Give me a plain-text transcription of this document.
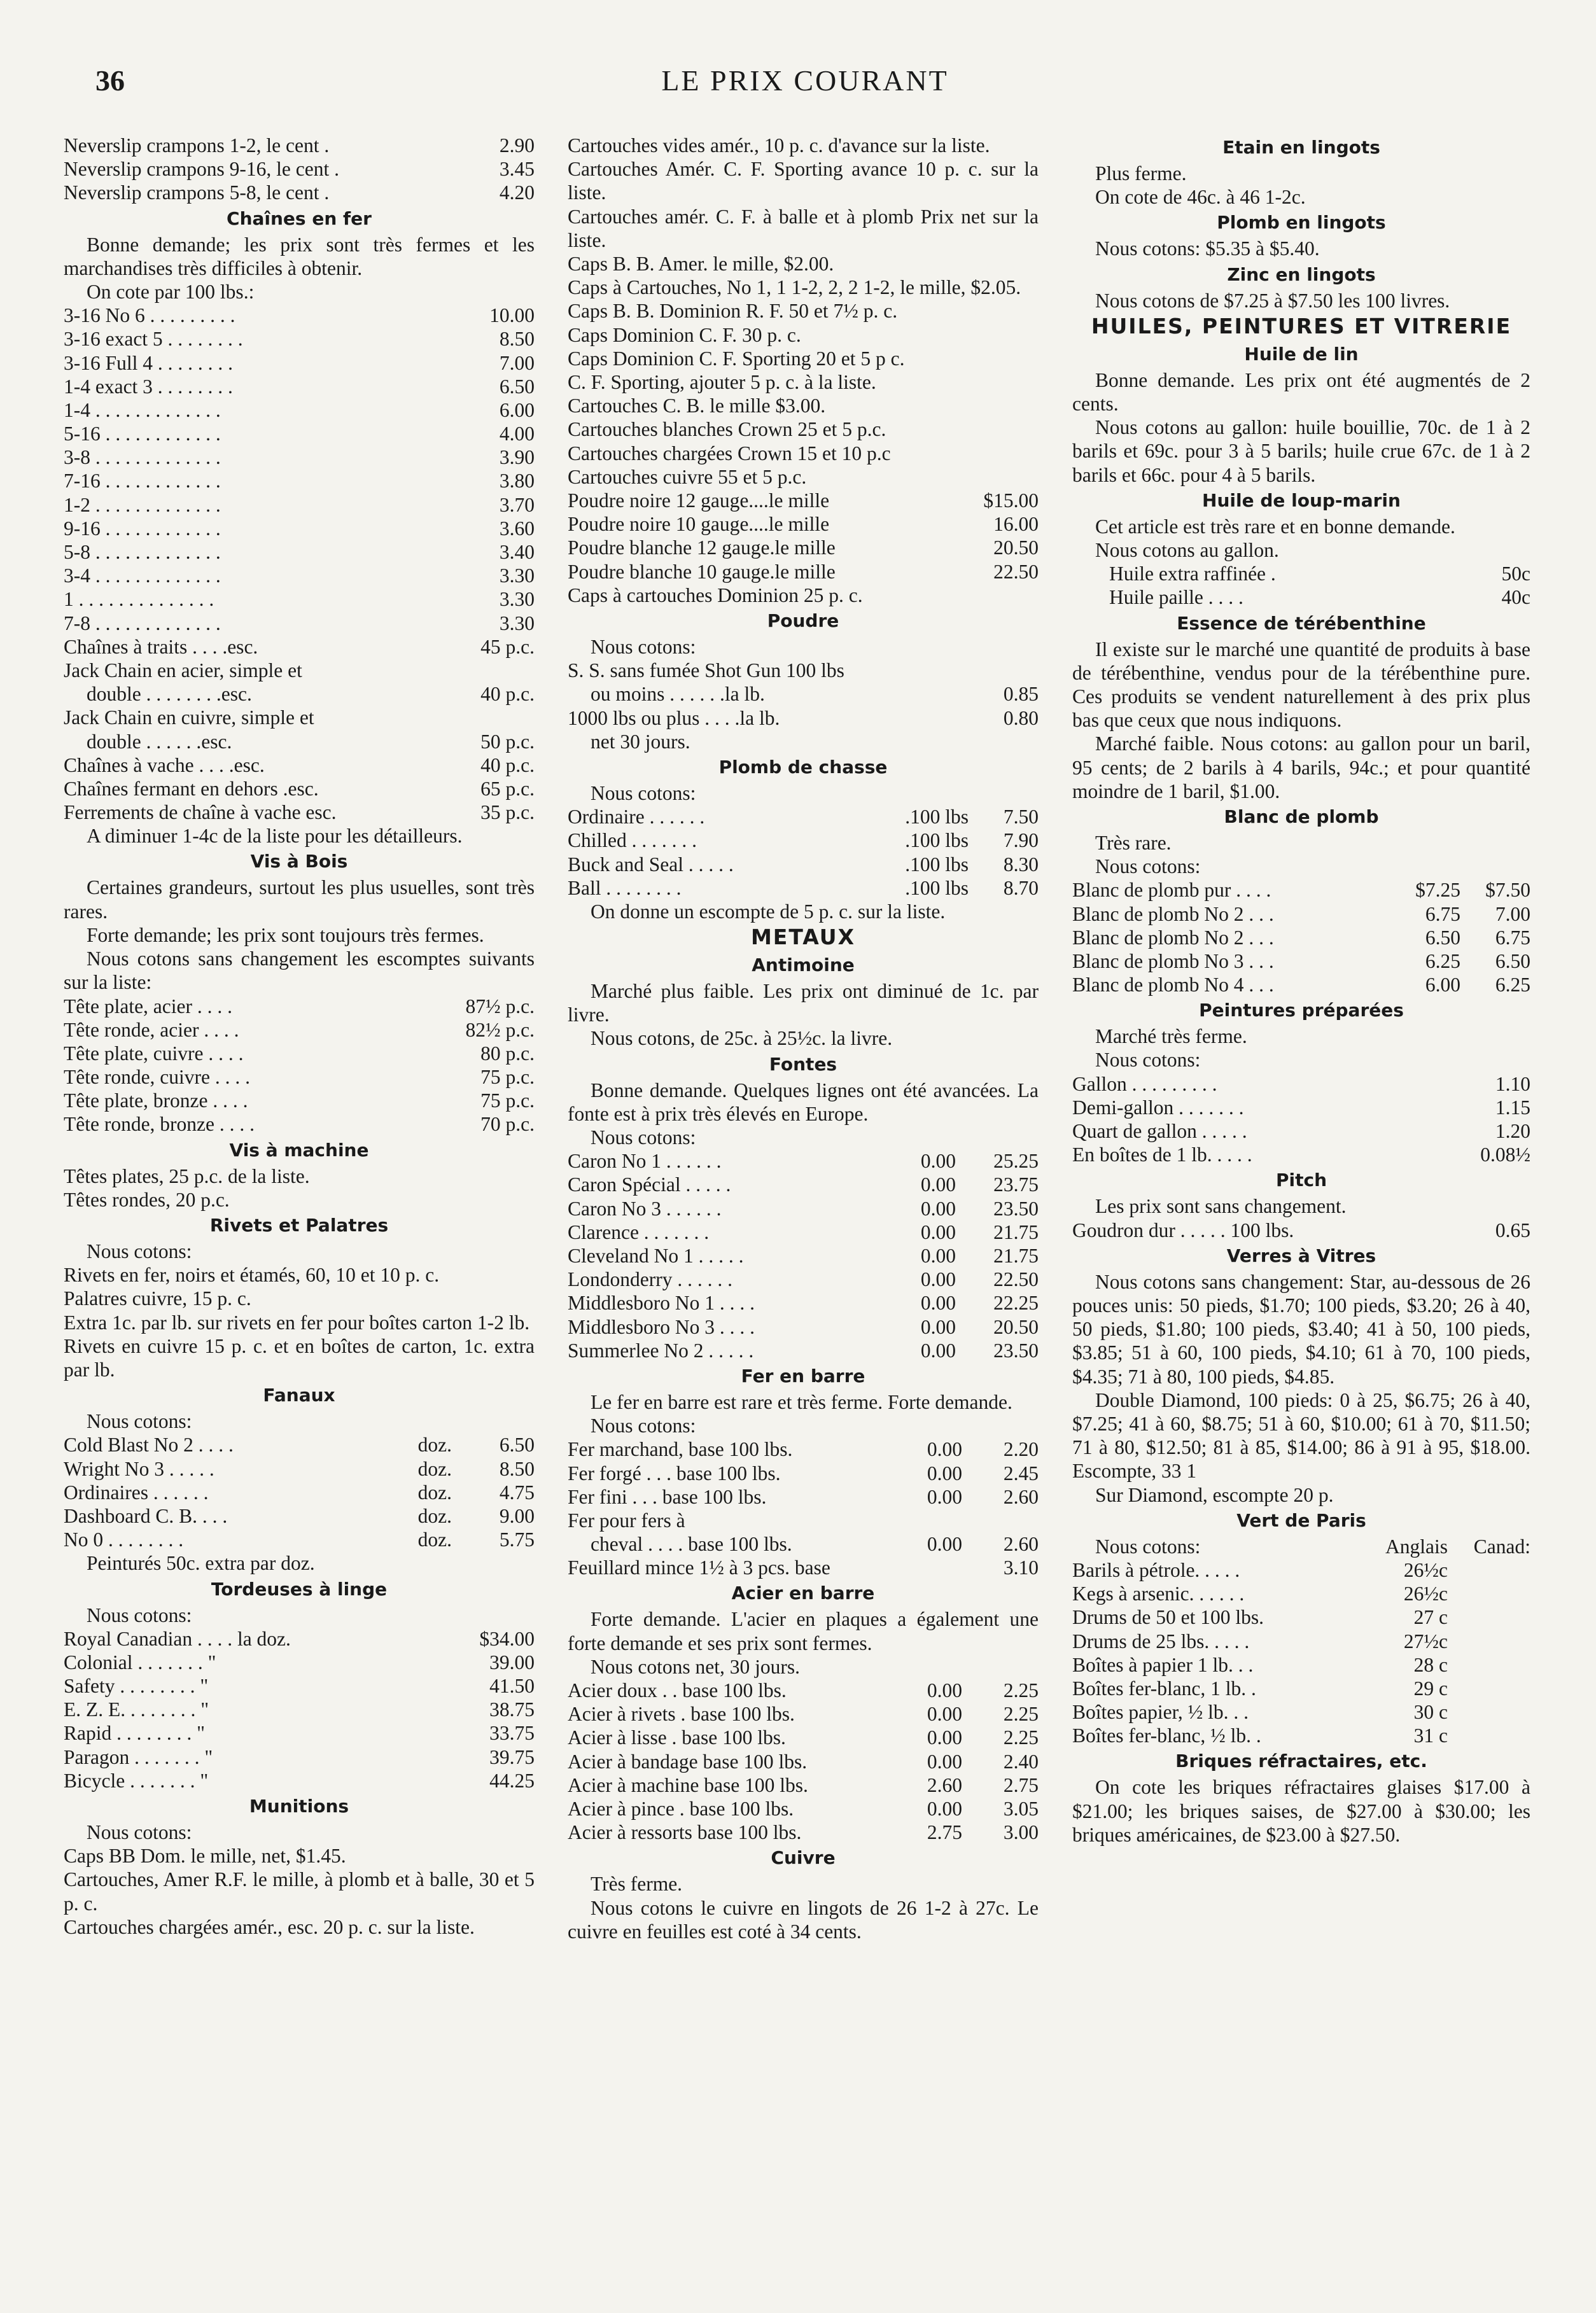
36	LE PRIX COURANT
Neverslip crampons 1-2, le cent .	2.90
Neverslip crampons 9-16, le cent .	3.45
Neverslip crampons 5-8, le cent .	4.20
Chaînes en fer
Bonne demande; les prix sont très fermes et les marchandises très difficiles à obtenir.
On cote par 100 lbs.:
3-16 No 6 . . . . . . . . .	10.00
3-16 exact 5 . . . . . . . .	8.50
3-16 Full 4 . . . . . . . .	7.00
1-4 exact 3 . . . . . . . .	6.50
1-4 . . . . . . . . . . . . .	6.00
5-16 . . . . . . . . . . . .	4.00
3-8 . . . . . . . . . . . . .	3.90
7-16 . . . . . . . . . . . .	3.80
1-2 . . . . . . . . . . . . .	3.70
9-16 . . . . . . . . . . . .	3.60
5-8 . . . . . . . . . . . . .	3.40
3-4 . . . . . . . . . . . . .	3.30
1 . . . . . . . . . . . . . .	3.30
7-8 . . . . . . . . . . . . .	3.30
Chaînes à traits . . . .esc.	45 p.c.
Jack Chain en acier, simple et
double . . . . . . . .esc.	40 p.c.
Jack Chain en cuivre, simple et
double . . . . . .esc.	50 p.c.
Chaînes à vache . . . .esc.	40 p.c.
Chaînes fermant en dehors .esc.	65 p.c.
Ferrements de chaîne à vache esc.	35 p.c.
A diminuer 1-4c de la liste pour les détailleurs.
Vis à Bois
Certaines grandeurs, surtout les plus usuelles, sont très rares.
Forte demande; les prix sont toujours très fermes.
Nous cotons sans changement les escomptes suivants sur la liste:
Tête plate, acier . . . .	87½ p.c.
Tête ronde, acier . . . .	82½ p.c.
Tête plate, cuivre . . . .	80 p.c.
Tête ronde, cuivre . . . .	75 p.c.
Tête plate, bronze . . . .	75 p.c.
Tête ronde, bronze . . . .	70 p.c.
Vis à machine
Têtes plates, 25 p.c. de la liste.
Têtes rondes, 20 p.c.
Rivets et Palatres
Nous cotons:
Rivets en fer, noirs et étamés, 60, 10 et 10 p. c.
Palatres cuivre, 15 p. c.
Extra 1c. par lb. sur rivets en fer pour boîtes carton 1-2 lb.
Rivets en cuivre 15 p. c. et en boîtes de carton, 1c. extra par lb.
Fanaux
Nous cotons:
Cold Blast No 2 . . . .	doz.	6.50
Wright No 3 . . . . .	doz.	8.50
Ordinaires . . . . . .	doz.	4.75
Dashboard C. B. . . .	doz.	9.00
No 0 . . . . . . . .	doz.	5.75
Peinturés 50c. extra par doz.
Tordeuses à linge
Nous cotons:
Royal Canadian . . . . la doz.	$34.00
Colonial . . . . . . . "	39.00
Safety . . . . . . . . "	41.50
E. Z. E. . . . . . . . "	38.75
Rapid . . . . . . . . "	33.75
Paragon . . . . . . . "	39.75
Bicycle . . . . . . . "	44.25
Munitions
Nous cotons:
Caps BB Dom. le mille, net, $1.45.
Cartouches, Amer R.F. le mille, à plomb et à balle, 30 et 5 p. c.
Cartouches chargées amér., esc. 20 p. c. sur la liste.
Cartouches vides amér., 10 p. c. d'avance sur la liste.
Cartouches Amér. C. F. Sporting avance 10 p. c. sur la liste.
Cartouches amér. C. F. à balle et à plomb Prix net sur la liste.
Caps B. B. Amer. le mille, $2.00.
Caps à Cartouches, No 1, 1 1-2, 2, 2 1-2, le mille, $2.05.
Caps B. B. Dominion R. F. 50 et 7½ p. c.
Caps Dominion C. F. 30 p. c.
Caps Dominion C. F. Sporting 20 et 5 p c.
C. F. Sporting, ajouter 5 p. c. à la liste.
Cartouches C. B. le mille $3.00.
Cartouches blanches Crown 25 et 5 p.c.
Cartouches chargées Crown 15 et 10 p.c
Cartouches cuivre 55 et 5 p.c.
Poudre noire 12 gauge....le mille	$15.00
Poudre noire 10 gauge....le mille	16.00
Poudre blanche 12 gauge.le mille	20.50
Poudre blanche 10 gauge.le mille	22.50
Caps à cartouches Dominion 25 p. c.
Poudre
Nous cotons:
S. S. sans fumée Shot Gun 100 lbs
ou moins . . . . . .la lb.	0.85
1000 lbs ou plus . . . .la lb.	0.80
net 30 jours.
Plomb de chasse
Nous cotons:
Ordinaire . . . . . .	.100 lbs	7.50
Chilled . . . . . . .	.100 lbs	7.90
Buck and Seal . . . . .	.100 lbs	8.30
Ball . . . . . . . .	.100 lbs	8.70
On donne un escompte de 5 p. c. sur la liste.
METAUX
Antimoine
Marché plus faible. Les prix ont diminué de 1c. par livre.
Nous cotons, de 25c. à 25½c. la livre.
Fontes
Bonne demande. Quelques lignes ont été avancées. La fonte est à prix très élevés en Europe.
Nous cotons:
Caron No 1 . . . . . .	0.00	25.25
Caron Spécial . . . . .	0.00	23.75
Caron No 3 . . . . . .	0.00	23.50
Clarence . . . . . . .	0.00	21.75
Cleveland No 1 . . . . .	0.00	21.75
Londonderry . . . . . .	0.00	22.50
Middlesboro No 1 . . . .	0.00	22.25
Middlesboro No 3 . . . .	0.00	20.50
Summerlee No 2 . . . . .	0.00	23.50
Fer en barre
Le fer en barre est rare et très ferme. Forte demande.
Nous cotons:
Fer marchand, base 100 lbs.	0.00	2.20
Fer forgé . . . base 100 lbs.	0.00	2.45
Fer fini . . . base 100 lbs.	0.00	2.60
Fer pour fers à
cheval . . . . base 100 lbs.	0.00	2.60
Feuillard mince 1½ à 3 pcs. base	3.10
Acier en barre
Forte demande. L'acier en plaques a également une forte demande et ses prix sont fermes.
Nous cotons net, 30 jours.
Acier doux . . base 100 lbs.	0.00	2.25
Acier à rivets . base 100 lbs.	0.00	2.25
Acier à lisse . base 100 lbs.	0.00	2.25
Acier à bandage base 100 lbs.	0.00	2.40
Acier à machine base 100 lbs.	2.60	2.75
Acier à pince . base 100 lbs.	0.00	3.05
Acier à ressorts base 100 lbs.	2.75	3.00
Cuivre
Très ferme.
Nous cotons le cuivre en lingots de 26 1-2 à 27c. Le cuivre en feuilles est coté à 34 cents.
Etain en lingots
Plus ferme.
On cote de 46c. à 46 1-2c.
Plomb en lingots
Nous cotons: $5.35 à $5.40.
Zinc en lingots
Nous cotons de $7.25 à $7.50 les 100 livres.
HUILES, PEINTURES ET VITRERIE
Huile de lin
Bonne demande. Les prix ont été augmentés de 2 cents.
Nous cotons au gallon: huile bouillie, 70c. de 1 à 2 barils et 69c. pour 3 à 5 barils; huile crue 67c. de 1 à 2 barils et 66c. pour 4 à 5 barils.
Huile de loup-marin
Cet article est très rare et en bonne demande.
Nous cotons au gallon.
Huile extra raffinée .	50c
Huile paille . . . .	40c
Essence de térébenthine
Il existe sur le marché une quantité de produits à base de térébenthine, vendus pour de la térébenthine pure. Ces produits se vendent naturellement à des prix plus bas que ceux que nous indiquons.
Marché faible. Nous cotons: au gallon pour un baril, 95 cents; de 2 barils à 4 barils, 94c.; et pour quantité moindre de 1 baril, $1.00.
Blanc de plomb
Très rare.
Nous cotons:
Blanc de plomb pur . . . .	$7.25	$7.50
Blanc de plomb No 2 . . .	6.75	7.00
Blanc de plomb No 2 . . .	6.50	6.75
Blanc de plomb No 3 . . .	6.25	6.50
Blanc de plomb No 4 . . .	6.00	6.25
Peintures préparées
Marché très ferme.
Nous cotons:
Gallon . . . . . . . . .	1.10
Demi-gallon . . . . . . .	1.15
Quart de gallon . . . . .	1.20
En boîtes de 1 lb. . . . .	0.08½
Pitch
Les prix sont sans changement.
Goudron dur . . . . . 100 lbs.	0.65
Verres à Vitres
Nous cotons sans changement: Star, au-dessous de 26 pouces unis: 50 pieds, $1.70; 100 pieds, $3.20; 26 à 40, 50 pieds, $1.80; 100 pieds, $3.40; 41 à 50, 100 pieds, $3.85; 51 à 60, 100 pieds, $4.10; 61 à 70, 100 pieds, $4.35; 71 à 80, 100 pieds, $4.85.
Double Diamond, 100 pieds: 0 à 25, $6.75; 26 à 40, $7.25; 41 à 60, $8.75; 51 à 60, $10.00; 61 à 70, $11.50; 71 à 80, $12.50; 81 à 85, $14.00; 86 à 91 à 95, $18.00. Escompte, 33 1
Sur Diamond, escompte 20 p.
Vert de Paris
Nous cotons:	Anglais	Canad:
Barils à pétrole. . . . .	26½c
Kegs à arsenic. . . . . .	26½c
Drums de 50 et 100 lbs.	27 c
Drums de 25 lbs. . . . .	27½c
Boîtes à papier 1 lb. . .	28 c
Boîtes fer-blanc, 1 lb. .	29 c
Boîtes papier, ½ lb. . .	30 c
Boîtes fer-blanc, ½ lb. .	31 c
Briques réfractaires, etc.
On cote les briques réfractaires glaises $17.00 à $21.00; les briques saises, de $27.00 à $30.00; les briques américaines, de $23.00 à $27.50.
